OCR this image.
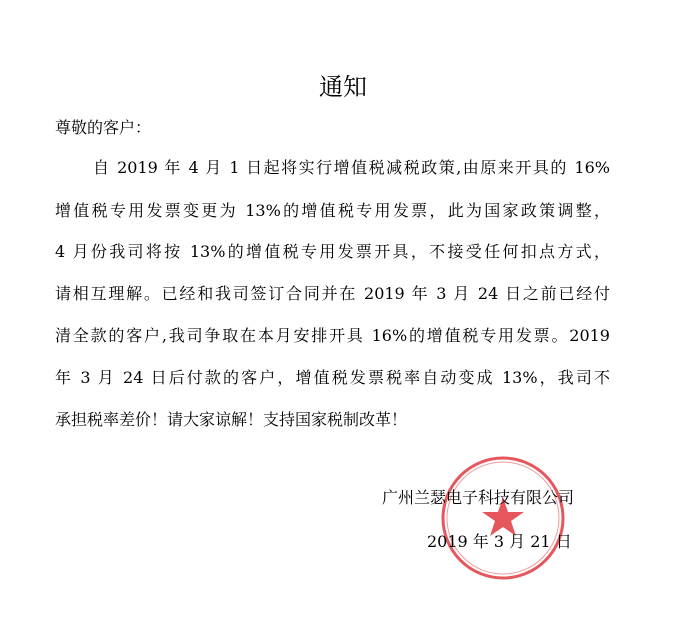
通知
尊敬的客户：
自 2019 年 4 月 1 日起将实行增值税减税政策,由原来开具的 16%
增值税专用发票变更为 13%的增值税专用发票，此为国家政策调整，
4 月份我司将按 13%的增值税专用发票开具，不接受任何扣点方式，
请相互理解。已经和我司签订合同并在 2019 年 3 月 24 日之前已经付
清全款的客户,我司争取在本月安排开具 16%的增值税专用发票。2019
年 3 月 24 日后付款的客户，增值税发票税率自动变成 13%，我司不
承担税率差价！请大家谅解！支持国家税制改革！
广州兰瑟电子科技有限公司
2019 年 3 月 21 日
